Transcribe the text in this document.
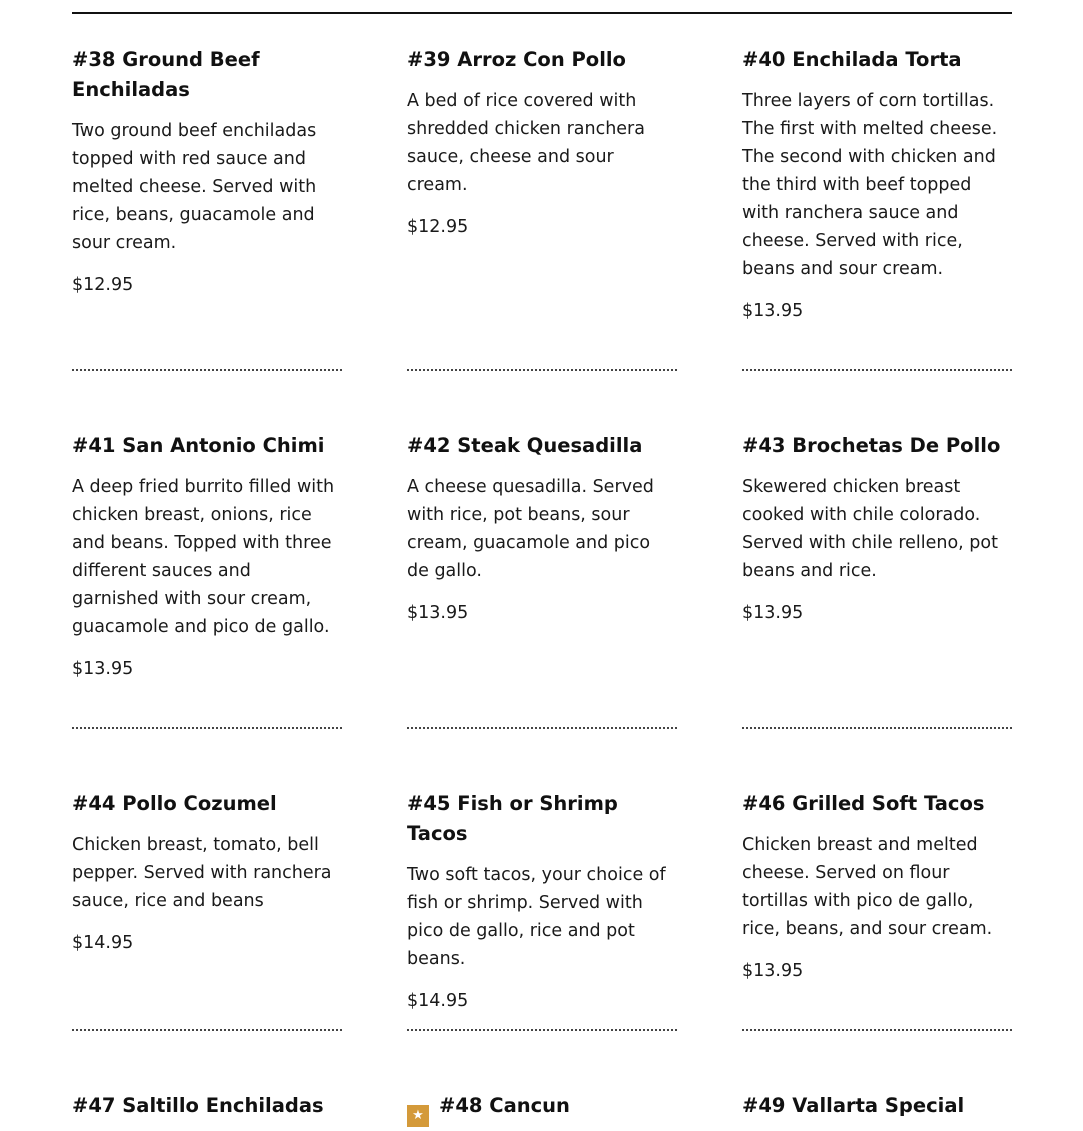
#38 Ground Beef Enchiladas

Two ground beef enchiladas topped with red sauce and melted cheese. Served with rice, beans, guacamole and sour cream.

$12.95

#39 Arroz Con Pollo

A bed of rice covered with shredded chicken ranchera sauce, cheese and sour cream.

$12.95

#40 Enchilada Torta

Three layers of corn tortillas. The first with melted cheese. The second with chicken and the third with beef topped with ranchera sauce and cheese. Served with rice, beans and sour cream.

$13.95

#41 San Antonio Chimi

A deep fried burrito filled with chicken breast, onions, rice and beans. Topped with three different sauces and garnished with sour cream, guacamole and pico de gallo.

$13.95

#42 Steak Quesadilla

A cheese quesadilla. Served with rice, pot beans, sour cream, guacamole and pico de gallo.

$13.95

#43 Brochetas De Pollo

Skewered chicken breast cooked with chile colorado. Served with chile relleno, pot beans and rice.

$13.95

#44 Pollo Cozumel

Chicken breast, tomato, bell pepper. Served with ranchera sauce, rice and beans

$14.95

#45 Fish or Shrimp Tacos

Two soft tacos, your choice of fish or shrimp. Served with pico de gallo, rice and pot beans.

$14.95

#46 Grilled Soft Tacos

Chicken breast and melted cheese. Served on flour tortillas with pico de gallo, rice, beans, and sour cream.

$13.95

#47 Saltillo Enchiladas	★ #48 Cancun	#49 Vallarta Special
